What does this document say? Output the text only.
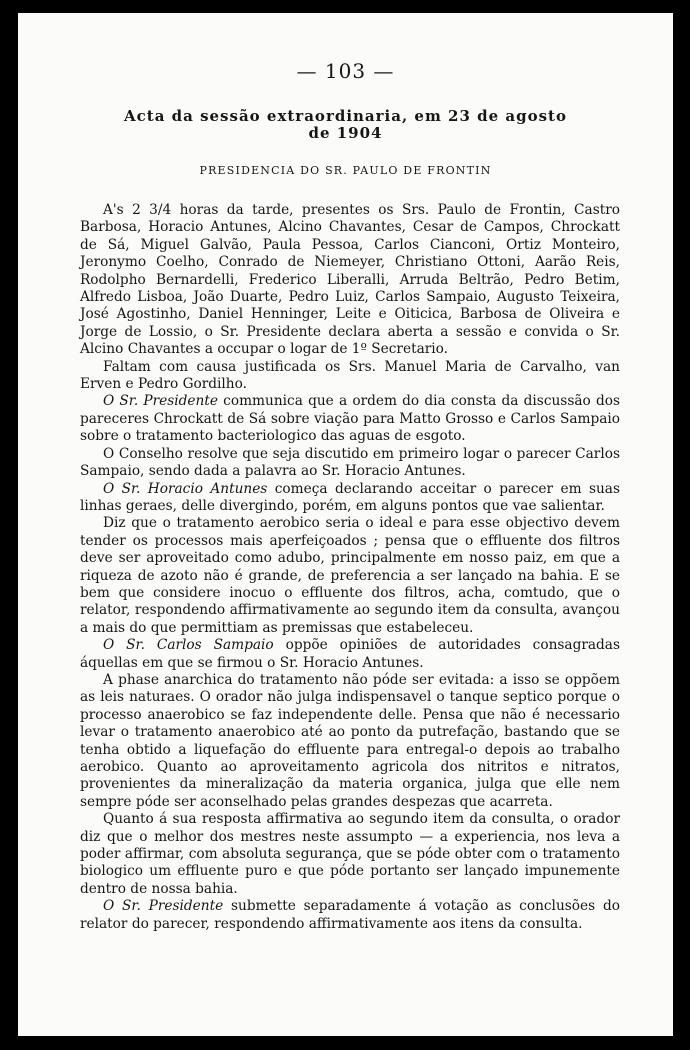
— 103 —
Acta da sessão extraordinaria, em 23 de agosto
de 1904
PRESIDENCIA DO SR. PAULO DE FRONTIN

A's 2 3/4 horas da tarde, presentes os Srs. Paulo de Frontin, Castro Barbosa, Horacio Antunes, Alcino Chavantes, Cesar de Campos, Chrockatt de Sá, Miguel Galvão, Paula Pessoa, Carlos Cianconi, Ortiz Monteiro, Jeronymo Coelho, Conrado de Niemeyer, Christiano Ottoni, Aarão Reis, Rodolpho Bernardelli, Frederico Liberalli, Arruda Beltrão, Pedro Betim, Alfredo Lisboa, João Duarte, Pedro Luiz, Carlos Sampaio, Augusto Teixeira, José Agostinho, Daniel Henninger, Leite e Oiticica, Barbosa de Oliveira e Jorge de Lossio, o Sr. Presidente declara aberta a sessão e convida o Sr. Alcino Chavantes a occupar o logar de 1º Secretario.

Faltam com causa justificada os Srs. Manuel Maria de Carvalho, van Erven e Pedro Gordilho.

O Sr. Presidente communica que a ordem do dia consta da discussão dos pareceres Chrockatt de Sá sobre viação para Matto Grosso e Carlos Sampaio sobre o tratamento bacteriologico das aguas de esgoto.

O Conselho resolve que seja discutido em primeiro logar o parecer Carlos Sampaio, sendo dada a palavra ao Sr. Horacio Antunes.

O Sr. Horacio Antunes começa declarando acceitar o parecer em suas linhas geraes, delle divergindo, porém, em alguns pontos que vae salientar.

Diz que o tratamento aerobico seria o ideal e para esse objectivo devem tender os processos mais aperfeiçoados ; pensa que o effluente dos filtros deve ser aproveitado como adubo, principalmente em nosso paiz, em que a riqueza de azoto não é grande, de preferencia a ser lançado na bahia. E se bem que considere inocuo o effluente dos filtros, acha, comtudo, que o relator, respondendo affirmativamente ao segundo item da consulta, avançou a mais do que permittiam as premissas que estabeleceu.

O Sr. Carlos Sampaio oppõe opiniões de autoridades consagradas áquellas em que se firmou o Sr. Horacio Antunes.

A phase anarchica do tratamento não póde ser evitada: a isso se oppõem as leis naturaes. O orador não julga indispensavel o tanque septico porque o processo anaerobico se faz independente delle. Pensa que não é necessario levar o tratamento anaerobico até ao ponto da putrefação, bastando que se tenha obtido a liquefação do effluente para entregal-o depois ao trabalho aerobico. Quanto ao aproveitamento agricola dos nitritos e nitratos, provenientes da mineralização da materia organica, julga que elle nem sempre póde ser aconselhado pelas grandes despezas que acarreta.

Quanto á sua resposta affirmativa ao segundo item da consulta, o orador diz que o melhor dos mestres neste assumpto — a experiencia, nos leva a poder affirmar, com absoluta segurança, que se póde obter com o tratamento biologico um effluente puro e que póde portanto ser lançado impunemente dentro de nossa bahia.

O Sr. Presidente submette separadamente á votação as conclusões do relator do parecer, respondendo affirmativamente aos itens da consulta.
